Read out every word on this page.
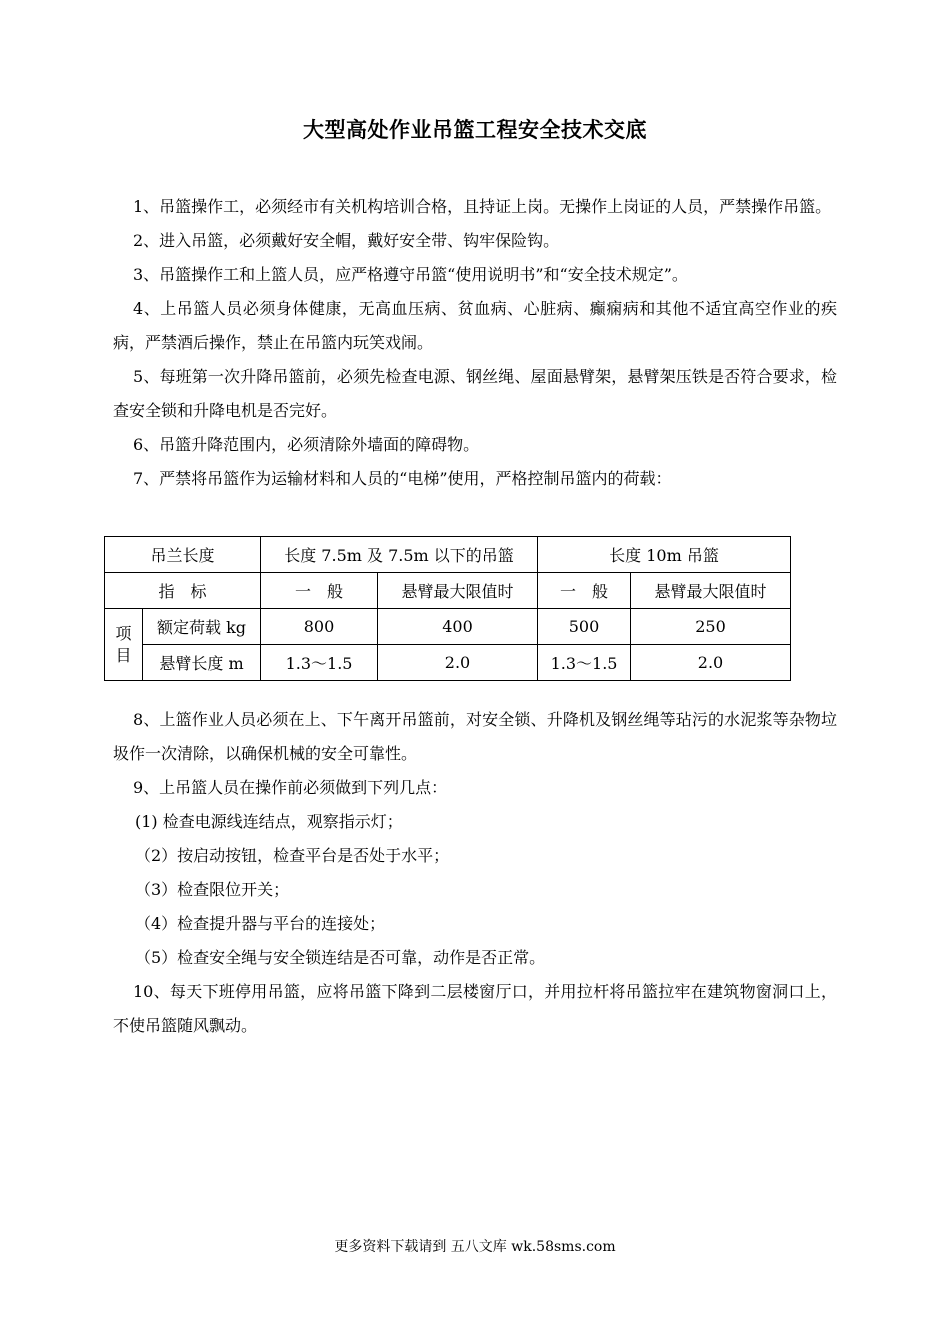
大型高处作业吊篮工程安全技术交底

1、吊篮操作工，必须经市有关机构培训合格，且持证上岗。无操作上岗证的人员，严禁操作吊篮。

2、进入吊篮，必须戴好安全帽，戴好安全带、钩牢保险钩。

3、吊篮操作工和上篮人员，应严格遵守吊篮“使用说明书”和“安全技术规定”。

4、上吊篮人员必须身体健康，无高血压病、贫血病、心脏病、癫痫病和其他不适宜高空作业的疾病，严禁酒后操作，禁止在吊篮内玩笑戏闹。

5、每班第一次升降吊篮前，必须先检查电源、钢丝绳、屋面悬臂架，悬臂架压铁是否符合要求，检查安全锁和升降电机是否完好。

6、吊篮升降范围内，必须清除外墙面的障碍物。

7、严禁将吊篮作为运输材料和人员的“电梯”使用，严格控制吊篮内的荷载：

吊兰长度		长度 7.5m 及 7.5m 以下的吊篮		长度 10m 吊篮	
指　标		一　般	悬臂最大限值时	一　般	悬臂最大限值时
项目	额定荷载 kg	800	400	500	250
	悬臂长度 m	1.3～1.5	2.0	1.3～1.5	2.0

8、上篮作业人员必须在上、下午离开吊篮前，对安全锁、升降机及钢丝绳等玷污的水泥浆等杂物垃圾作一次清除，以确保机械的安全可靠性。

9、上吊篮人员在操作前必须做到下列几点：

(1) 检查电源线连结点，观察指示灯；

（2）按启动按钮，检查平台是否处于水平；

（3）检查限位开关；

（4）检查提升器与平台的连接处；

（5）检查安全绳与安全锁连结是否可靠，动作是否正常。

10、每天下班停用吊篮，应将吊篮下降到二层楼窗厅口，并用拉杆将吊篮拉牢在建筑物窗洞口上，不使吊篮随风飘动。

更多资料下载请到 五八文库 wk.58sms.com
